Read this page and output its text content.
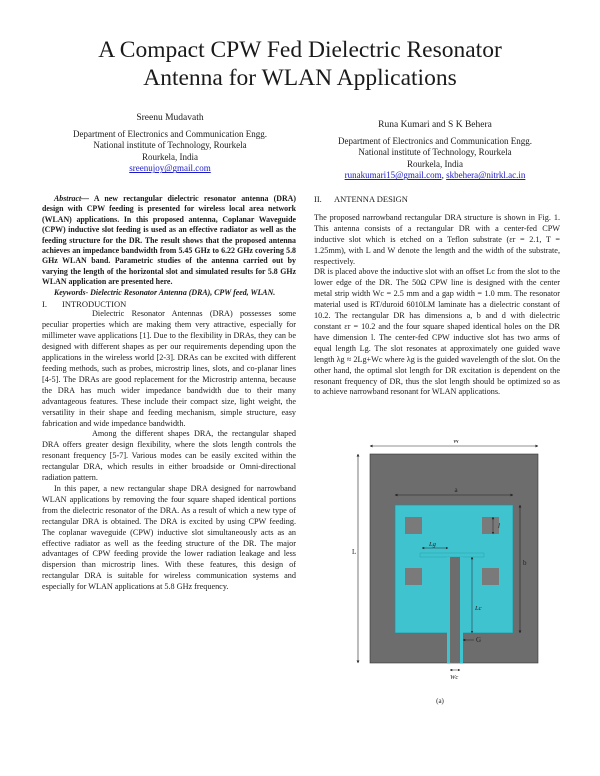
A Compact CPW Fed Dielectric Resonator
Antenna for WLAN Applications
Sreenu Mudavath
Department of Electronics and Communication Engg.
National institute of Technology, Rourkela
Rourkela, India
sreenujoy@gmail.com
Runa Kumari and S K Behera
Department of Electronics and Communication Engg.
National institute of Technology, Rourkela
Rourkela, India
runakumari15@gmail.com, skbehera@nitrkl.ac.in

Abstract— A new rectangular dielectric resonator antenna (DRA) design with CPW feeding is presented for wireless local area network (WLAN) applications. In this proposed antenna, Coplanar Waveguide (CPW) inductive slot feeding is used as an effective radiator as well as the feeding structure for the DR. The result shows that the proposed antenna achieves an impedance bandwidth from 5.45 GHz to 6.22 GHz covering 5.8 GHz WLAN band. Parametric studies of the antenna carried out by varying the length of the horizontal slot and simulated results for 5.8 GHz WLAN application are presented here.

Keywords- Dielectric Resonator Antenna (DRA), CPW feed, WLAN.

I. INTRODUCTION

Dielectric Resonator Antennas (DRA) possesses some peculiar properties which are making them very attractive, especially for millimeter wave applications [1]. Due to the flexibility in DRAs, they can be designed with different shapes as per our requirements depending upon the applications in the wireless world [2-3]. DRAs can be excited with different feeding methods, such as probes, microstrip lines, slots, and co-planar lines [4-5]. The DRAs are good replacement for the Microstrip antenna, because the DRA has much wider impedance bandwidth due to their many advantageous features. These include their compact size, light weight, the versatility in their shape and feeding mechanism, simple structure, easy fabrication and wide impedance bandwidth.

Among the different shapes DRA, the rectangular shaped DRA offers greater design flexibility, where the slots length controls the resonant frequency [5-7]. Various modes can be easily excited within the rectangular DRA, which results in either broadside or Omni-directional radiation pattern.

In this paper, a new rectangular shape DRA designed for narrowband WLAN applications by removing the four square shaped identical portions from the dielectric resonator of the DRA. As a result of which a new type of rectangular DRA is obtained. The DRA is excited by using CPW feeding. The coplanar waveguide (CPW) inductive slot simultaneously acts as an effective radiator as well as the feeding structure of the DR. The major advantages of CPW feeding provide the lower radiation leakage and less dispersion than microstrip lines. With these features, this design of rectangular DRA is suitable for wireless communication systems and especially for WLAN applications at 5.8 GHz frequency.

II. ANTENNA DESIGN

The proposed narrowband rectangular DRA structure is shown in Fig. 1. This antenna consists of a rectangular DR with a center-fed CPW inductive slot which is etched on a Teflon substrate (εr = 2.1, T = 1.25mm), with L and W denote the length and the width of the substrate, respectively.

DR is placed above the inductive slot with an offset Lc from the slot to the lower edge of the DR. The 50Ω CPW line is designed with the center metal strip width Wc = 2.5 mm and a gap width = 1.0 mm. The resonator material used is RT/duroid 6010LM laminate has a dielectric constant of 10.2. The rectangular DR has dimensions a, b and d with dielectric constant εr = 10.2 and the four square shaped identical holes on the DR have dimension l. The center-fed CPW inductive slot has two arms of equal length Lg. The slot resonates at approximately one guided wave length λg ≈ 2Lg+Wc where λg is the guided wavelength of the slot. On the other hand, the optimal slot length for DR excitation is dependent on the resonant frequency of DR, thus the slot length should be optimized so as to achieve narrowband resonant for WLAN applications.

W
L
a
b
l
Lg
Lc
G
Wc
(a)
